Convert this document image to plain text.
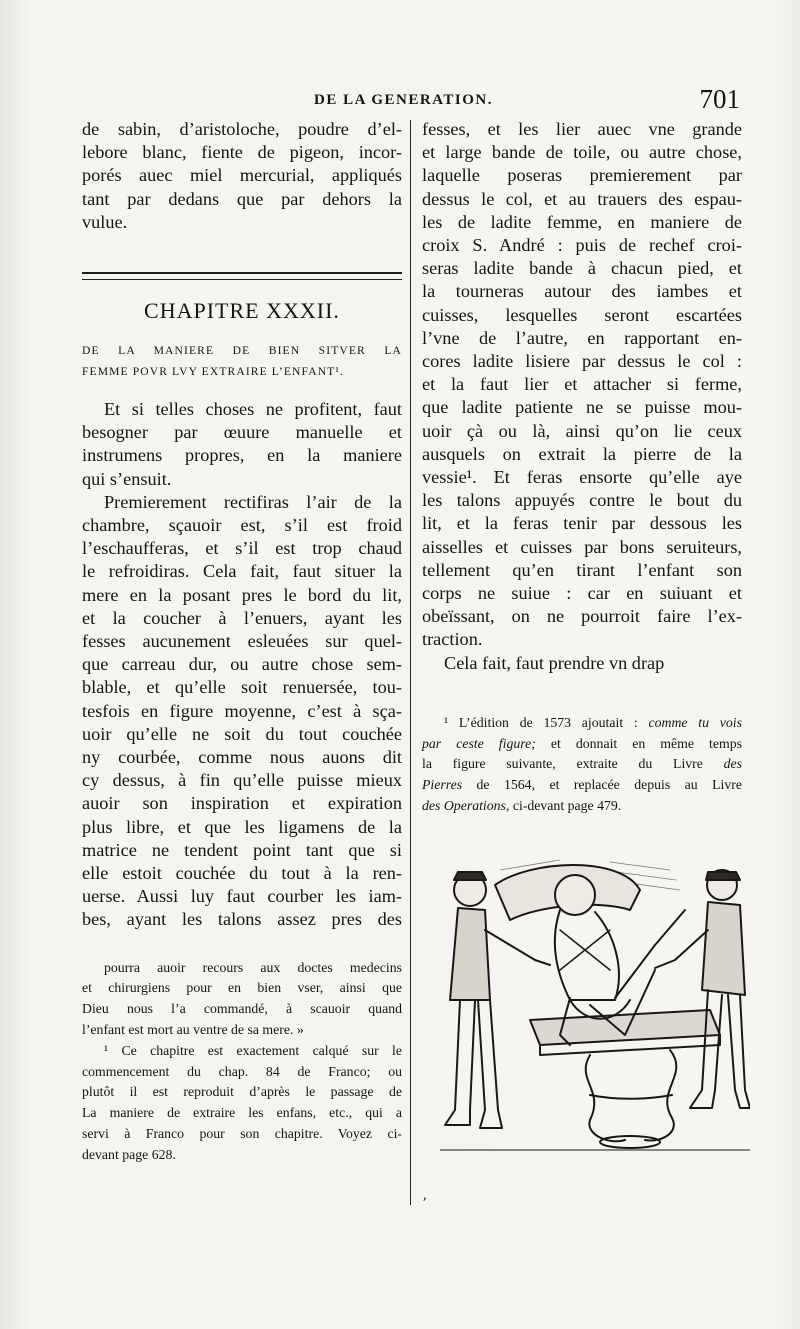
DE LA GENERATION.	701
de sabin, d’aristoloche, poudre d’el-
lebore blanc, fiente de pigeon, incor-
porés auec miel mercurial, appliqués
tant par dedans que par dehors la
vulue.
CHAPITRE XXXII.
DE LA MANIERE DE BIEN SITVER LA
FEMME POVR LVY EXTRAIRE L’ENFANT¹.
Et si telles choses ne profitent, faut
besogner par œuure manuelle et
instrumens propres, en la maniere
qui s’ensuit.
Premierement rectifiras l’air de la
chambre, sçauoir est, s’il est froid
l’eschaufferas, et s’il est trop chaud
le refroidiras. Cela fait, faut situer la
mere en la posant pres le bord du lit,
et la coucher à l’enuers, ayant les
fesses aucunement esleuées sur quel-
que carreau dur, ou autre chose sem-
blable, et qu’elle soit renuersée, tou-
tesfois en figure moyenne, c’est à sça-
uoir qu’elle ne soit du tout couchée
ny courbée, comme nous auons dit
cy dessus, à fin qu’elle puisse mieux
auoir son inspiration et expiration
plus libre, et que les ligamens de la
matrice ne tendent point tant que si
elle estoit couchée du tout à la ren-
uerse. Aussi luy faut courber les iam-
bes, ayant les talons assez pres des
pourra auoir recours aux doctes medecins
et chirurgiens pour en bien vser, ainsi que
Dieu nous l’a commandé, à scauoir quand
l’enfant est mort au ventre de sa mere. »
¹ Ce chapitre est exactement calqué sur le
commencement du chap. 84 de Franco; ou
plutôt il est reproduit d’après le passage de
La maniere de extraire les enfans, etc., qui a
servi à Franco pour son chapitre. Voyez ci-
devant page 628.
fesses, et les lier auec vne grande
et large bande de toile, ou autre chose,
laquelle poseras premierement par
dessus le col, et au trauers des espau-
les de ladite femme, en maniere de
croix S. André : puis de rechef croi-
seras ladite bande à chacun pied, et
la tourneras autour des iambes et
cuisses, lesquelles seront escartées
l’vne de l’autre, en rapportant en-
cores ladite lisiere par dessus le col :
et la faut lier et attacher si ferme,
que ladite patiente ne se puisse mou-
uoir çà ou là, ainsi qu’on lie ceux
ausquels on extrait la pierre de la
vessie¹. Et feras ensorte qu’elle aye
les talons appuyés contre le bout du
lit, et la feras tenir par dessous les
aisselles et cuisses par bons seruiteurs,
tellement qu’en tirant l’enfant son
corps ne suiue : car en suiuant et
obeïssant, on ne pourroit faire l’ex-
traction.
Cela fait, faut prendre vn drap
¹ L’édition de 1573 ajoutait : comme tu vois
par ceste figure; et donnait en même temps
la figure suivante, extraite du Livre des
Pierres de 1564, et replacée depuis au Livre
des Operations, ci-devant page 479.
ʼ
